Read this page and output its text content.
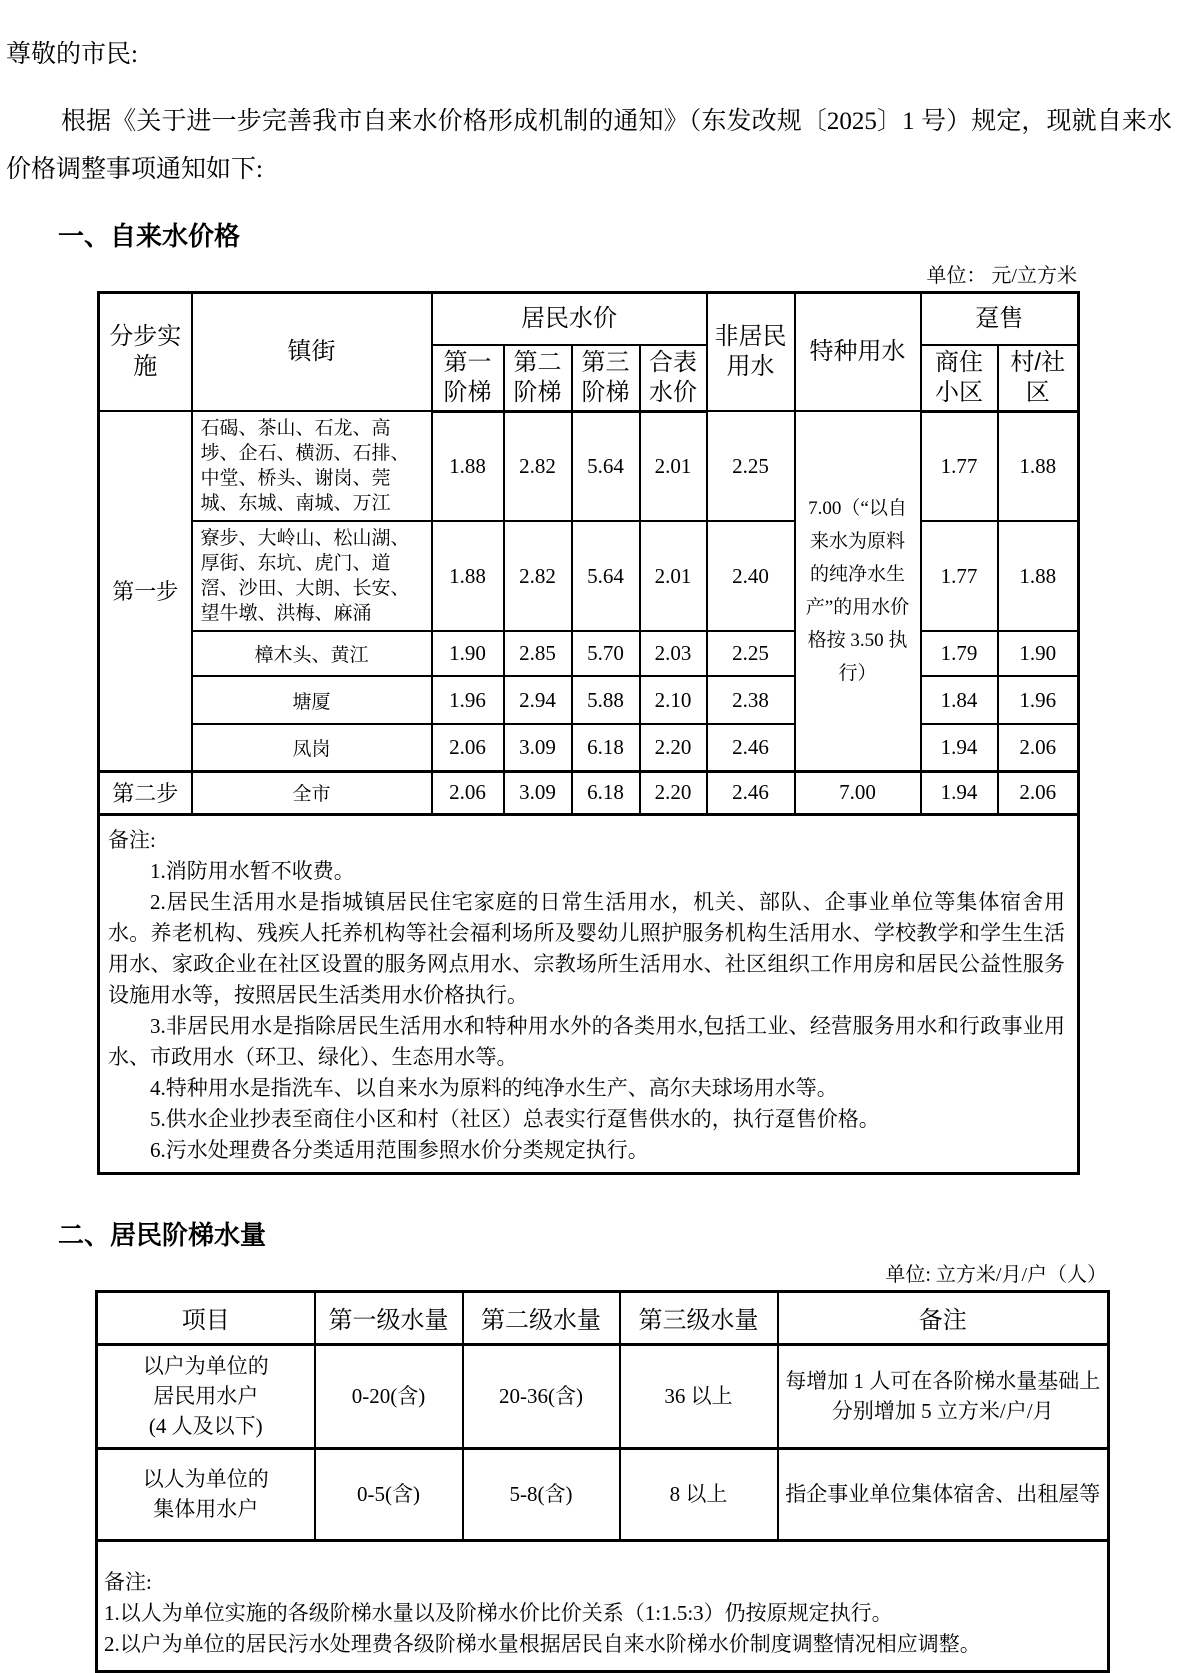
尊敬的市民:

根据《关于进一步完善我市自来水价格形成机制的通知》（东发改规〔2025〕1 号）规定，现就自来水价格调整事项通知如下:

一、自来水价格
单位： 元/立方米
分步实施	镇街	居民水价				非居民用水	特种用水	趸售	
		第一阶梯	第二阶梯	第三阶梯	合表水价			商住小区	村/社区
第一步	石碣、茶山、石龙、高埗、企石、横沥、石排、中堂、桥头、谢岗、莞城、东城、南城、万江	1.88	2.82	5.64	2.01	2.25	7.00（“以自来水为原料的纯净水生产”的用水价格按 3.50 执行）	1.77	1.88
	寮步、大岭山、松山湖、厚街、东坑、虎门、道滘、沙田、大朗、长安、望牛墩、洪梅、麻涌	1.88	2.82	5.64	2.01	2.40		1.77	1.88
	樟木头、黄江	1.90	2.85	5.70	2.03	2.25		1.79	1.90
	塘厦	1.96	2.94	5.88	2.10	2.38		1.84	1.96
	凤岗	2.06	3.09	6.18	2.20	2.46		1.94	2.06
第二步	全市	2.06	3.09	6.18	2.20	2.46	7.00	1.94	2.06

备注:

1.消防用水暂不收费。

2.居民生活用水是指城镇居民住宅家庭的日常生活用水，机关、部队、企事业单位等集体宿舍用水。养老机构、残疾人托养机构等社会福利场所及婴幼儿照护服务机构生活用水、学校教学和学生生活用水、家政企业在社区设置的服务网点用水、宗教场所生活用水、社区组织工作用房和居民公益性服务设施用水等，按照居民生活类用水价格执行。

3.非居民用水是指除居民生活用水和特种用水外的各类用水,包括工业、经营服务用水和行政事业用水、市政用水（环卫、绿化）、生态用水等。

4.特种用水是指洗车、以自来水为原料的纯净水生产、高尔夫球场用水等。

5.供水企业抄表至商住小区和村（社区）总表实行趸售供水的，执行趸售价格。

6.污水处理费各分类适用范围参照水价分类规定执行。

二、居民阶梯水量
单位: 立方米/月/户（人）
项目	第一级水量	第二级水量	第三级水量	备注
以户为单位的
居民用水户
(4 人及以下)	0-20(含)	20-36(含)	36 以上	每增加 1 人可在各阶梯水量基础上分别增加 5 立方米/户/月
以人为单位的
集体用水户	0-5(含)	5-8(含)	8 以上	指企事业单位集体宿舍、出租屋等

备注:

1.以人为单位实施的各级阶梯水量以及阶梯水价比价关系（1:1.5:3）仍按原规定执行。

2.以户为单位的居民污水处理费各级阶梯水量根据居民自来水阶梯水价制度调整情况相应调整。				
